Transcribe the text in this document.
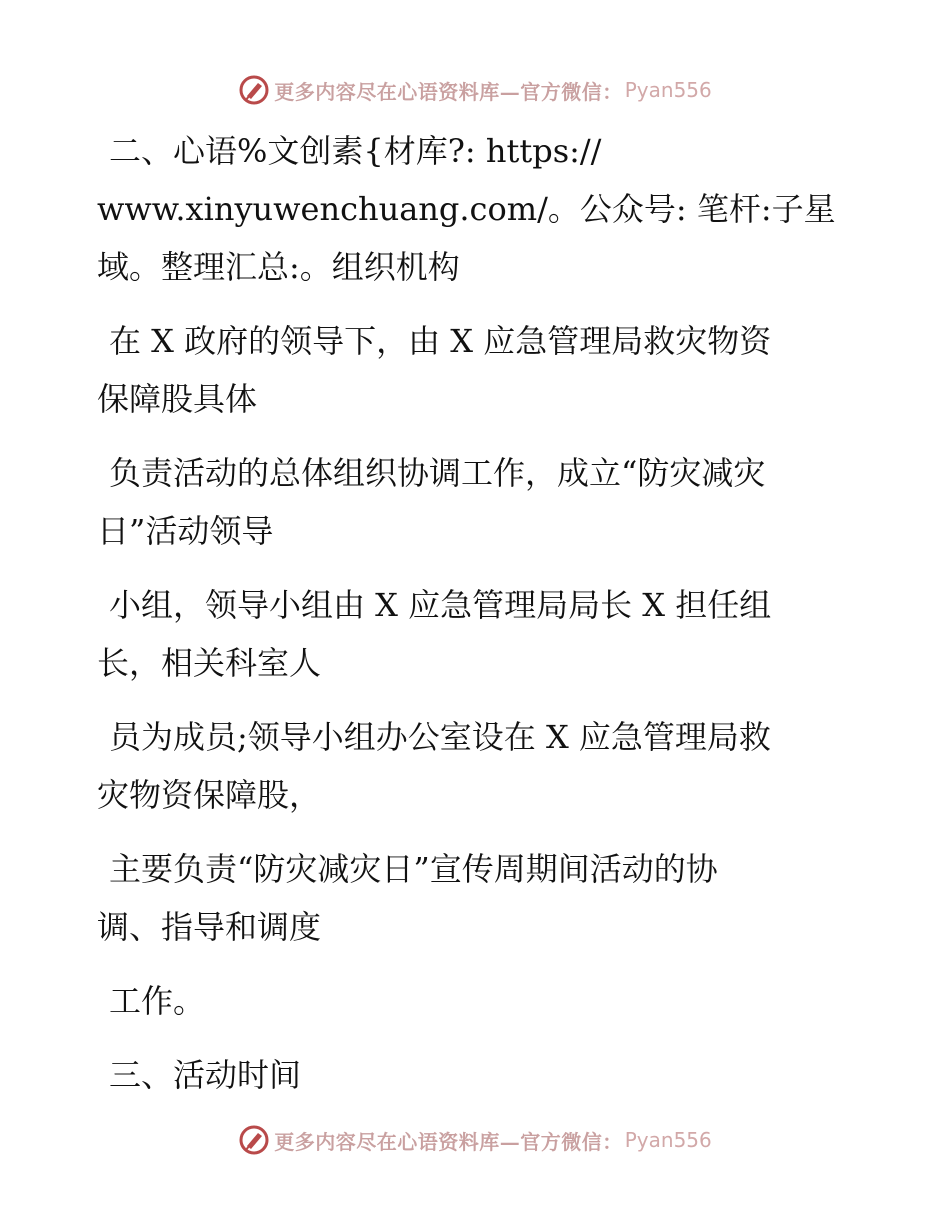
更多内容尽在心语资料库—官方微信： Pyan556

二、心语%文创素{材库?: https://
www.xinyuwenchuang.com/。公众号: 笔杆:子星
域。整理汇总:。组织机构

在 X 政府的领导下，由 X 应急管理局救灾物资
保障股具体

负责活动的总体组织协调工作，成立“防灾减灾
日”活动领导

小组，领导小组由 X 应急管理局局长 X 担任组
长，相关科室人

员为成员;领导小组办公室设在 X 应急管理局救
灾物资保障股，

主要负责“防灾减灾日”宣传周期间活动的协
调、指导和调度

工作。

三、活动时间

更多内容尽在心语资料库—官方微信： Pyan556
